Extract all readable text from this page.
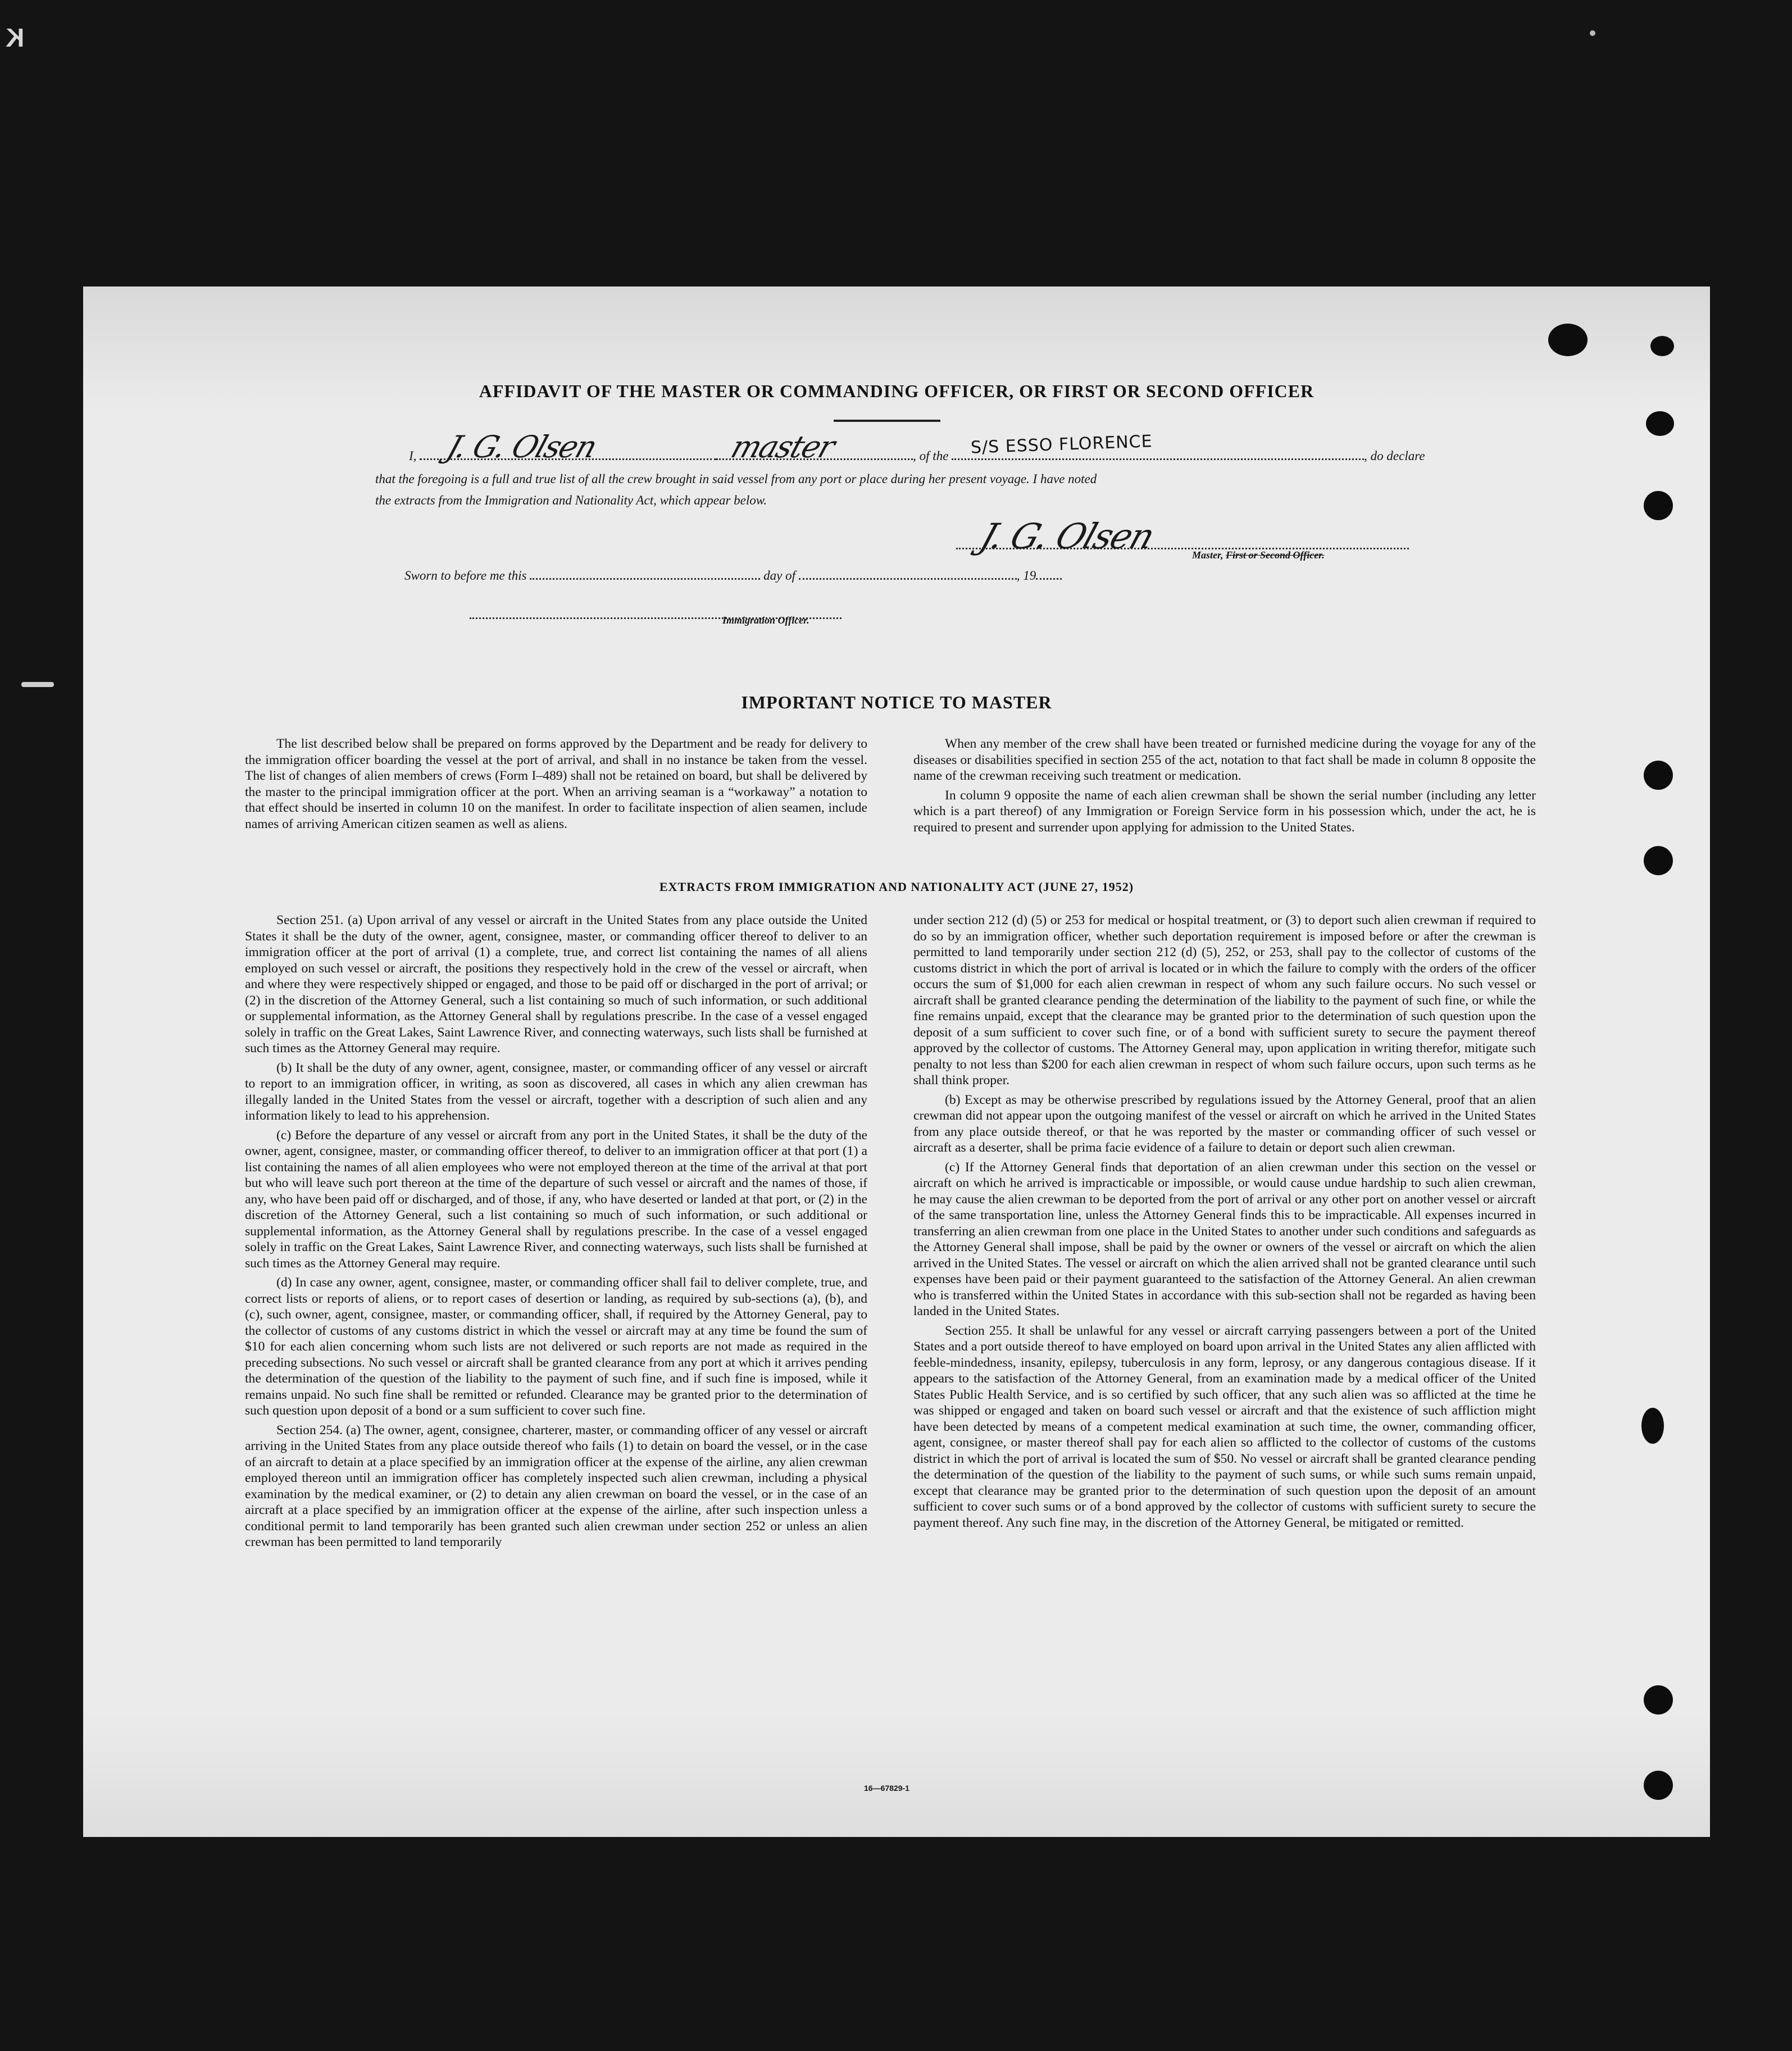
K
AFFIDAVIT OF THE MASTER OR COMMANDING OFFICER, OR FIRST OR SECOND OFFICER
I,	, of the	, do declare
J. G. Olsen	master	S/S ESSO FLORENCE
that the foregoing is a full and true list of all the crew brought in said vessel from any port or place during her present voyage. I have noted
the extracts from the Immigration and Nationality Act, which appear below.
J. G. Olsen	Master, First or Second Officer.
Sworn to before me this	day of	, 19
Immigration Officer.
IMPORTANT NOTICE TO MASTER

The list described below shall be prepared on forms approved by the Department and be ready for delivery to the immigration officer boarding the vessel at the port of arrival, and shall in no instance be taken from the vessel. The list of changes of alien members of crews (Form I–489) shall not be retained on board, but shall be delivered by the master to the principal immigration officer at the port. When an arriving seaman is a “workaway” a notation to that effect should be inserted in column 10 on the manifest. In order to facilitate inspection of alien seamen, include names of arriving American citizen seamen as well as aliens.

When any member of the crew shall have been treated or furnished medicine during the voyage for any of the diseases or disabilities specified in section 255 of the act, notation to that fact shall be made in column 8 opposite the name of the crewman receiving such treatment or medication.

In column 9 opposite the name of each alien crewman shall be shown the serial number (including any letter which is a part thereof) of any Immigration or Foreign Service form in his possession which, under the act, he is required to present and surrender upon applying for admission to the United States.

EXTRACTS FROM IMMIGRATION AND NATIONALITY ACT (JUNE 27, 1952)

Section 251. (a) Upon arrival of any vessel or aircraft in the United States from any place outside the United States it shall be the duty of the owner, agent, consignee, master, or commanding officer thereof to deliver to an immigration officer at the port of arrival (1) a complete, true, and correct list containing the names of all aliens employed on such vessel or aircraft, the positions they respectively hold in the crew of the vessel or aircraft, when and where they were respectively shipped or engaged, and those to be paid off or discharged in the port of arrival; or (2) in the discretion of the Attorney General, such a list containing so much of such information, or such additional or supplemental information, as the Attorney General shall by regulations prescribe. In the case of a vessel engaged solely in traffic on the Great Lakes, Saint Lawrence River, and connecting waterways, such lists shall be furnished at such times as the Attorney General may require.

(b) It shall be the duty of any owner, agent, consignee, master, or commanding officer of any vessel or aircraft to report to an immigration officer, in writing, as soon as discovered, all cases in which any alien crewman has illegally landed in the United States from the vessel or aircraft, together with a description of such alien and any information likely to lead to his apprehension.

(c) Before the departure of any vessel or aircraft from any port in the United States, it shall be the duty of the owner, agent, consignee, master, or commanding officer thereof, to deliver to an immigration officer at that port (1) a list containing the names of all alien employees who were not employed thereon at the time of the arrival at that port but who will leave such port thereon at the time of the departure of such vessel or aircraft and the names of those, if any, who have been paid off or discharged, and of those, if any, who have deserted or landed at that port, or (2) in the discretion of the Attorney General, such a list containing so much of such information, or such additional or supplemental information, as the Attorney General shall by regulations prescribe. In the case of a vessel engaged solely in traffic on the Great Lakes, Saint Lawrence River, and connecting waterways, such lists shall be furnished at such times as the Attorney General may require.

(d) In case any owner, agent, consignee, master, or commanding officer shall fail to deliver complete, true, and correct lists or reports of aliens, or to report cases of desertion or landing, as required by sub-sections (a), (b), and (c), such owner, agent, consignee, master, or commanding officer, shall, if required by the Attorney General, pay to the collector of customs of any customs district in which the vessel or aircraft may at any time be found the sum of $10 for each alien concerning whom such lists are not delivered or such reports are not made as required in the preceding subsections. No such vessel or aircraft shall be granted clearance from any port at which it arrives pending the determination of the question of the liability to the payment of such fine, and if such fine is imposed, while it remains unpaid. No such fine shall be remitted or refunded. Clearance may be granted prior to the determination of such question upon deposit of a bond or a sum sufficient to cover such fine.

Section 254. (a) The owner, agent, consignee, charterer, master, or commanding officer of any vessel or aircraft arriving in the United States from any place outside thereof who fails (1) to detain on board the vessel, or in the case of an aircraft to detain at a place specified by an immigration officer at the expense of the airline, any alien crewman employed thereon until an immigration officer has completely inspected such alien crewman, including a physical examination by the medical examiner, or (2) to detain any alien crewman on board the vessel, or in the case of an aircraft at a place specified by an immigration officer at the expense of the airline, after such inspection unless a conditional permit to land temporarily has been granted such alien crewman under section 252 or unless an alien crewman has been permitted to land temporarily

under section 212 (d) (5) or 253 for medical or hospital treatment, or (3) to deport such alien crewman if required to do so by an immigration officer, whether such deportation requirement is imposed before or after the crewman is permitted to land temporarily under section 212 (d) (5), 252, or 253, shall pay to the collector of customs of the customs district in which the port of arrival is located or in which the failure to comply with the orders of the officer occurs the sum of $1,000 for each alien crewman in respect of whom any such failure occurs. No such vessel or aircraft shall be granted clearance pending the determination of the liability to the payment of such fine, or while the fine remains unpaid, except that the clearance may be granted prior to the determination of such question upon the deposit of a sum sufficient to cover such fine, or of a bond with sufficient surety to secure the payment thereof approved by the collector of customs. The Attorney General may, upon application in writing therefor, mitigate such penalty to not less than $200 for each alien crewman in respect of whom such failure occurs, upon such terms as he shall think proper.

(b) Except as may be otherwise prescribed by regulations issued by the Attorney General, proof that an alien crewman did not appear upon the outgoing manifest of the vessel or aircraft on which he arrived in the United States from any place outside thereof, or that he was reported by the master or commanding officer of such vessel or aircraft as a deserter, shall be prima facie evidence of a failure to detain or deport such alien crewman.

(c) If the Attorney General finds that deportation of an alien crewman under this section on the vessel or aircraft on which he arrived is impracticable or impossible, or would cause undue hardship to such alien crewman, he may cause the alien crewman to be deported from the port of arrival or any other port on another vessel or aircraft of the same transportation line, unless the Attorney General finds this to be impracticable. All expenses incurred in transferring an alien crewman from one place in the United States to another under such conditions and safeguards as the Attorney General shall impose, shall be paid by the owner or owners of the vessel or aircraft on which the alien arrived in the United States. The vessel or aircraft on which the alien arrived shall not be granted clearance until such expenses have been paid or their payment guaranteed to the satisfaction of the Attorney General. An alien crewman who is transferred within the United States in accordance with this sub-section shall not be regarded as having been landed in the United States.

Section 255. It shall be unlawful for any vessel or aircraft carrying passengers between a port of the United States and a port outside thereof to have employed on board upon arrival in the United States any alien afflicted with feeble-mindedness, insanity, epilepsy, tuberculosis in any form, leprosy, or any dangerous contagious disease. If it appears to the satisfaction of the Attorney General, from an examination made by a medical officer of the United States Public Health Service, and is so certified by such officer, that any such alien was so afflicted at the time he was shipped or engaged and taken on board such vessel or aircraft and that the existence of such affliction might have been detected by means of a competent medical examination at such time, the owner, commanding officer, agent, consignee, or master thereof shall pay for each alien so afflicted to the collector of customs of the customs district in which the port of arrival is located the sum of $50. No vessel or aircraft shall be granted clearance pending the determination of the question of the liability to the payment of such sums, or while such sums remain unpaid, except that clearance may be granted prior to the determination of such question upon the deposit of an amount sufficient to cover such sums or of a bond approved by the collector of customs with sufficient surety to secure the payment thereof. Any such fine may, in the discretion of the Attorney General, be mitigated or remitted.

16—67829-1
